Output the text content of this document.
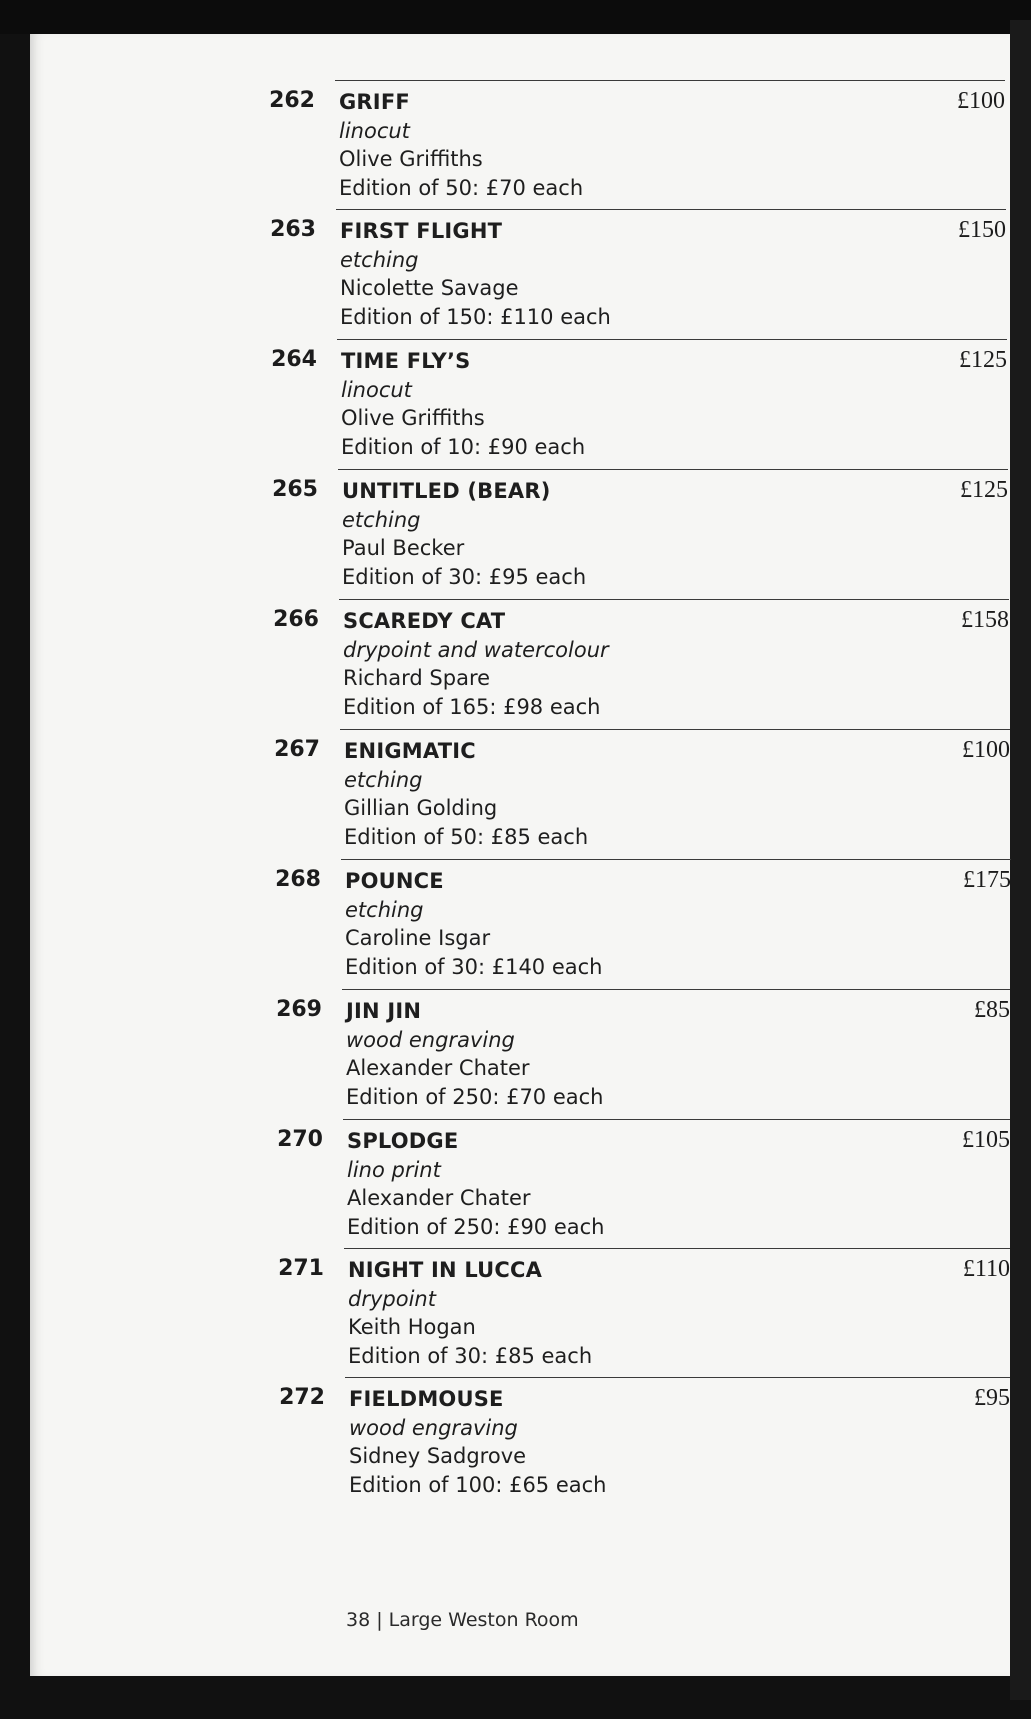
262 GRIFF
linocut
Olive Griffiths
Edition of 50: £70 each
£100
263 FIRST FLIGHT
etching
Nicolette Savage
Edition of 150: £110 each
£150
264 TIME FLY’S
linocut
Olive Griffiths
Edition of 10: £90 each
£125
265 UNTITLED (BEAR)
etching
Paul Becker
Edition of 30: £95 each
£125
266 SCAREDY CAT
drypoint and watercolour
Richard Spare
Edition of 165: £98 each
£158
267 ENIGMATIC
etching
Gillian Golding
Edition of 50: £85 each
£100
268 POUNCE
etching
Caroline Isgar
Edition of 30: £140 each
£175
269 JIN JIN
wood engraving
Alexander Chater
Edition of 250: £70 each
£85
270 SPLODGE
lino print
Alexander Chater
Edition of 250: £90 each
£105
271 NIGHT IN LUCCA
drypoint
Keith Hogan
Edition of 30: £85 each
£110
272 FIELDMOUSE
wood engraving
Sidney Sadgrove
Edition of 100: £65 each
£95
38 | Large Weston Room
